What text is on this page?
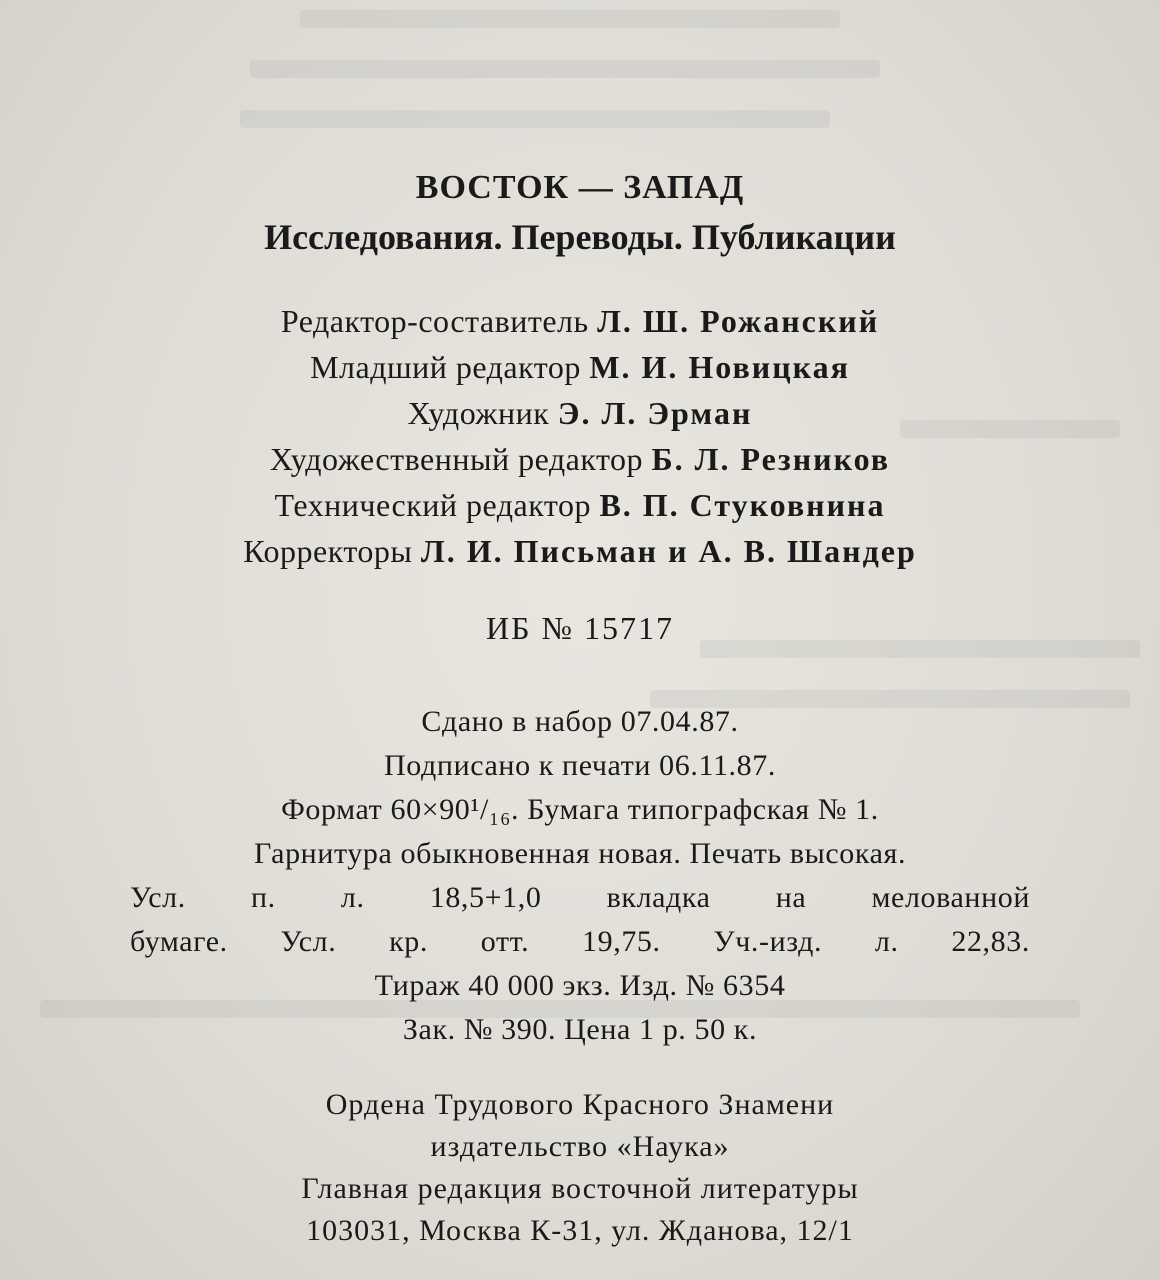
ВОСТОК — ЗАПАД
Исследования. Переводы. Публикации
Редактор-составитель Л. Ш. Рожанский
Младший редактор М. И. Новицкая
Художник Э. Л. Эрман
Художественный редактор Б. Л. Резников
Технический редактор В. П. Стуковнина
Корректоры Л. И. Письман и А. В. Шандер
ИБ № 15717
Сдано в набор 07.04.87.
Подписано к печати 06.11.87.
Формат 60×90¹/₁₆. Бумага типографская № 1.
Гарнитура обыкновенная новая. Печать высокая.
Усл. п. л. 18,5+1,0 вкладка на мелованной
бумаге. Усл. кр. отт. 19,75. Уч.-изд. л. 22,83.
Тираж 40 000 экз. Изд. № 6354
Зак. № 390. Цена 1 р. 50 к.
Ордена Трудового Красного Знамени
издательство «Наука»
Главная редакция восточной литературы
103031, Москва К-31, ул. Жданова, 12/1
